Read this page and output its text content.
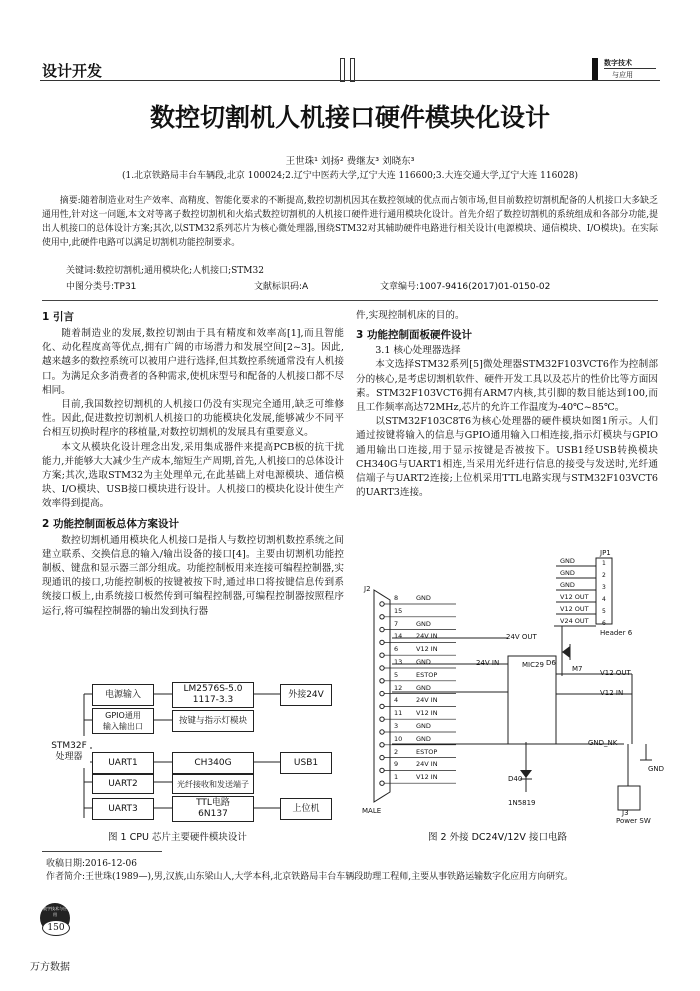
设计开发	数字技术
与应用
数控切割机人机接口硬件模块化设计
王世珠¹ 刘扬² 费继友³ 刘晓东³
(1.北京铁路局丰台车辆段,北京 100024;2.辽宁中医药大学,辽宁大连 116600;3.大连交通大学,辽宁大连 116028)
摘要:随着制造业对生产效率、高精度、智能化要求的不断提高,数控切割机因其在数控领域的优点而占领市场,但目前数控切割机配备的人机接口大多缺乏通用性,针对这一问题,本文对等离子数控切割机和火焰式数控切割机的人机接口硬件进行通用模块化设计。首先介绍了数控切割机的系统组成和各部分功能,提出人机接口的总体设计方案;其次,以STM32系列芯片为核心微处理器,围绕STM32对其辅助硬件电路进行相关设计(电源模块、通信模块、I/O模块)。在实际使用中,此硬件电路可以满足切割机功能控制要求。
关键词:数控切割机;通用模块化;人机接口;STM32
中图分类号:TP31	文献标识码:A	文章编号:1007-9416(2017)01-0150-02
1 引言

随着制造业的发展,数控切割由于具有精度和效率高[1],而且智能化、动化程度高等优点,拥有广阔的市场潜力和发展空间[2~3]。因此,越来越多的数控系统可以被用户进行选择,但其数控系统通常没有人机接口。为满足众多消费者的各种需求,使机床型号和配备的人机接口都不尽相同。

目前,我国数控切割机的人机接口仍没有实现完全通用,缺乏可维修性。因此,促进数控切割机人机接口的功能模块化发展,能够减少不同平台相互切换时程序的移植量,对数控切割机的发展具有重要意义。

本文从模块化设计理念出发,采用集成器件来提高PCB板的抗干扰能力,并能够大大减少生产成本,缩短生产周期,首先,人机接口的总体设计方案;其次,选取STM32为主处理单元,在此基础上对电源模块、通信模块、I/O模块、USB接口模块进行设计。人机接口的模块化设计使生产效率得到提高。

2 功能控制面板总体方案设计

数控切割机通用模块化人机接口是指人与数控切割机数控系统之间建立联系、交换信息的输入/输出设备的接口[4]。主要由切割机功能控制板、键盘和显示器三部分组成。功能控制板用来连接可编程控制器,实现通讯的接口,功能控制板的按键被按下时,通过串口将按键信息传到系统接口板上,由系统接口板然传到可编程控制器,可编程控制器按照程序运行,将可编程控制器的输出发到执行器

件,实现控制机床的目的。

3 功能控制面板硬件设计

3.1 核心处理器选择

本文选择STM32系列[5]微处理器STM32F103VCT6作为控制部分的核心,是考虑切割机软件、硬件开发工具以及芯片的性价比等方面因素。STM32F103VCT6拥有ARM7内核,其引脚的数目能达到100,而且工作频率高达72MHz,芯片的允许工作温度为-40℃~85℃。

以STM32F103C8T6为核心处理器的硬件模块如图1所示。人们通过按键将输入的信息与GPIO通用输入口相连接,指示灯模块与GPIO通用输出口连接,用于显示按键是否被按下。USB1经USB转换模块CH340G与UART1相连,当采用光纤进行信息的接受与发送时,光纤通信端子与UART2连接;上位机采用TTL电路实现与STM32F103VCT6的UART3连接。

STM32F
处理器
电源输入
LM2576S-5.0
1117-3.3
外接24V
GPIO通用
输入输出口
按键与指示灯模块
UART1	CH340G	USB1
UART2	光纤接收和发送端子
UART3
TTL电路
6N137
上位机
图 1 CPU 芯片主要硬件模块设计
J2
MALE
JP1
Header 6
1
GND
2
GND
3
GND
4
V12 OUT
5
V12 OUT
6
V24 OUT
8	GND
15
7	GND
14 24V IN
6	V12 IN
13 GND
5	ESTOP
12 GND
4	24V IN
11 V12 IN
3	GND
10 GND
2	ESTOP
9	24V IN
1	V12 IN
MIC29
24V OUT
24V IN
V12 OUT
V12 IN
GND_NK
GND
D40
1N5819
D6
M7
J3
Power SW
图 2 外接 DC24V/12V 接口电路
收稿日期:2016-12-06
作者简介:王世珠(1989—),男,汉族,山东梁山人,大学本科,北京铁路局丰台车辆段助理工程师,主要从事铁路运输数字化应用方向研究。
数字技术与应用
150
万方数据
